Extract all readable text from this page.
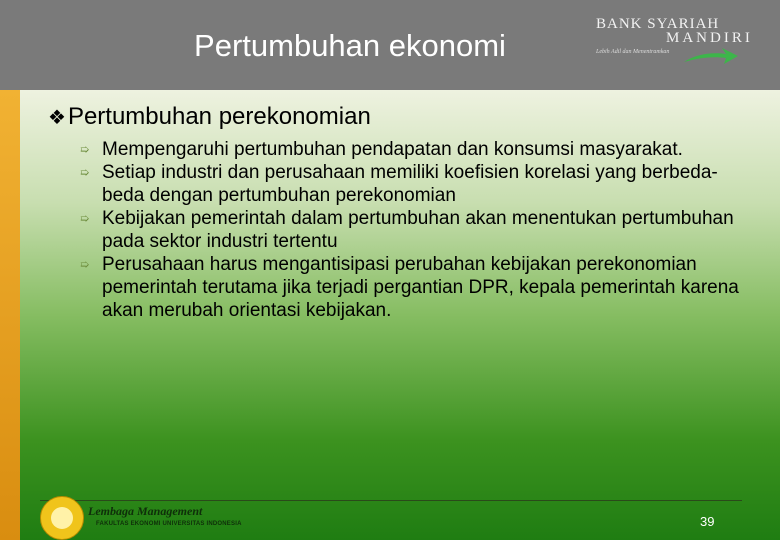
Pertumbuhan ekonomi
BANK SYARIAH
MANDIRI
Lebih Adil dan Menentramkan
❖Pertumbuhan perekonomian
➯ Mempengaruhi pertumbuhan pendapatan dan konsumsi masyarakat.
➯ Setiap industri dan perusahaan memiliki koefisien korelasi yang berbeda-beda dengan pertumbuhan perekonomian
➯ Kebijakan pemerintah dalam pertumbuhan akan menentukan pertumbuhan pada sektor industri tertentu
➯ Perusahaan harus mengantisipasi perubahan kebijakan perekonomian pemerintah terutama jika terjadi pergantian DPR, kepala pemerintah karena akan merubah orientasi kebijakan.
Lembaga Management
FAKULTAS EKONOMI UNIVERSITAS INDONESIA	39
